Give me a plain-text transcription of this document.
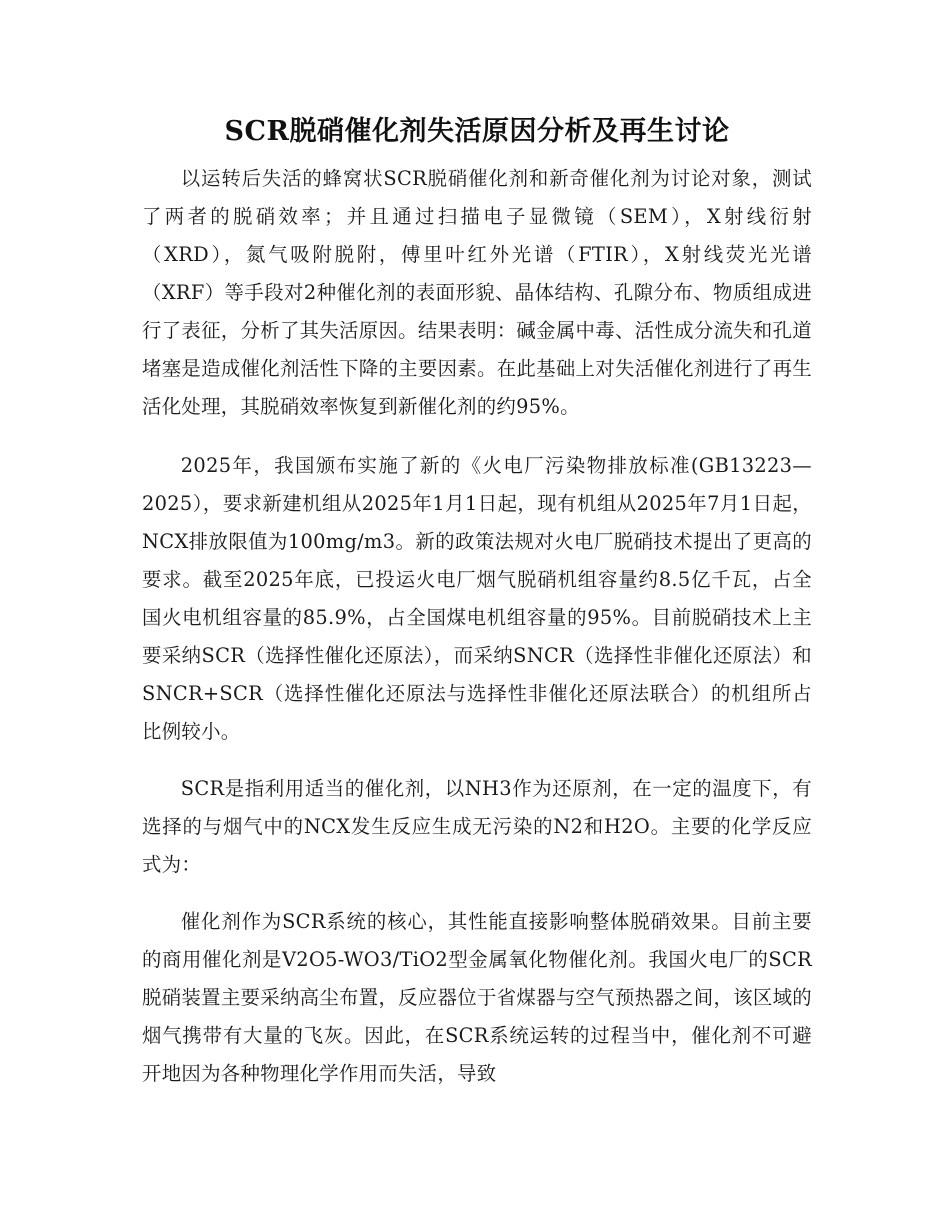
SCR脱硝催化剂失活原因分析及再生讨论

以运转后失活的蜂窝状SCR脱硝催化剂和新奇催化剂为讨论对象，测试了两者的脱硝效率；并且通过扫描电子显微镜（SEM），X射线衍射（XRD），氮气吸附脱附，傅里叶红外光谱（FTIR），X射线荧光光谱（XRF）等手段对2种催化剂的表面形貌、晶体结构、孔隙分布、物质组成进行了表征，分析了其失活原因。结果表明：碱金属中毒、活性成分流失和孔道堵塞是造成催化剂活性下降的主要因素。在此基础上对失活催化剂进行了再生活化处理，其脱硝效率恢复到新催化剂的约95%。

2025年，我国颁布实施了新的《火电厂污染物排放标准(GB13223—2025），要求新建机组从2025年1月1日起，现有机组从2025年7月1日起，NCX排放限值为100mg/m3。新的政策法规对火电厂脱硝技术提出了更高的要求。截至2025年底，已投运火电厂烟气脱硝机组容量约8.5亿千瓦，占全国火电机组容量的85.9%，占全国煤电机组容量的95%。目前脱硝技术上主要采纳SCR（选择性催化还原法），而采纳SNCR（选择性非催化还原法）和SNCR+SCR（选择性催化还原法与选择性非催化还原法联合）的机组所占比例较小。

SCR是指利用适当的催化剂，以NH3作为还原剂，在一定的温度下，有选择的与烟气中的NCX发生反应生成无污染的N2和H2O。主要的化学反应式为：

催化剂作为SCR系统的核心，其性能直接影响整体脱硝效果。目前主要的商用催化剂是V2O5-WO3/TiO2型金属氧化物催化剂。我国火电厂的SCR脱硝装置主要采纳高尘布置，反应器位于省煤器与空气预热器之间，该区域的烟气携带有大量的飞灰。因此，在SCR系统运转的过程当中，催化剂不可避开地因为各种物理化学作用而失活，导致
